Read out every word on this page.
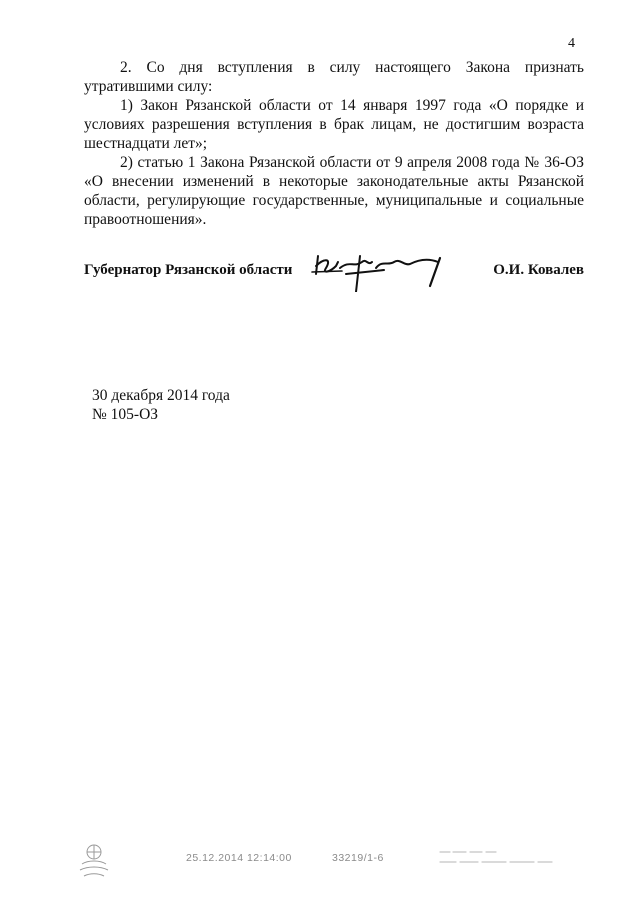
4

2. Со дня вступления в силу настоящего Закона признать утратившими силу:

1) Закон Рязанской области от 14 января 1997 года «О порядке и условиях разрешения вступления в брак лицам, не достигшим возраста шестнадцати лет»;

2) статью 1 Закона Рязанской области от 9 апреля 2008 года № 36-ОЗ «О внесении изменений в некоторые законодательные акты Рязанской области, регулирующие государственные, муниципальные и социальные правоотношения».

Губернатор Рязанской области	О.И. Ковалев
30 декабря 2014 года
№ 105-ОЗ
25.12.2014 12:14:00	33219/1-6
